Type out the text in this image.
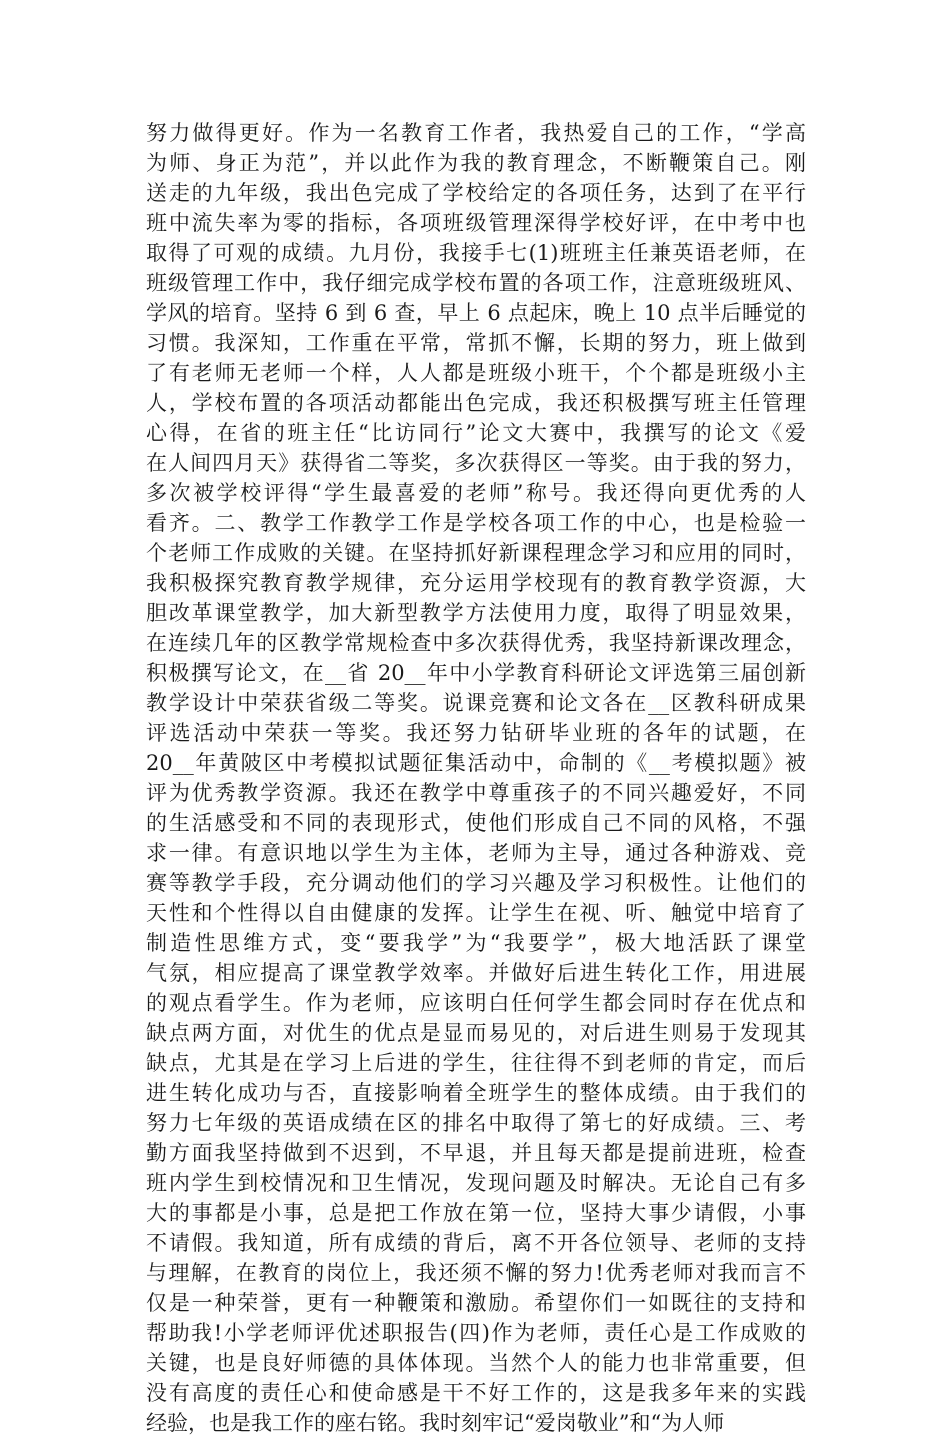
努力做得更好。作为一名教育工作者，我热爱自己的工作，“学高
为师、身正为范”，并以此作为我的教育理念，不断鞭策自己。刚
送走的九年级，我出色完成了学校给定的各项任务，达到了在平行
班中流失率为零的指标，各项班级管理深得学校好评，在中考中也
取得了可观的成绩。九月份，我接手七(1)班班主任兼英语老师，在
班级管理工作中，我仔细完成学校布置的各项工作，注意班级班风、
学风的培育。坚持 6 到 6 查，早上 6 点起床，晚上 10 点半后睡觉的
习惯。我深知，工作重在平常，常抓不懈，长期的努力，班上做到
了有老师无老师一个样，人人都是班级小班干，个个都是班级小主
人，学校布置的各项活动都能出色完成，我还积极撰写班主任管理
心得，在省的班主任“比访同行”论文大赛中，我撰写的论文《爱
在人间四月天》获得省二等奖，多次获得区一等奖。由于我的努力，
多次被学校评得“学生最喜爱的老师”称号。我还得向更优秀的人
看齐。二、教学工作教学工作是学校各项工作的中心，也是检验一
个老师工作成败的关键。在坚持抓好新课程理念学习和应用的同时，
我积极探究教育教学规律，充分运用学校现有的教育教学资源，大
胆改革课堂教学，加大新型教学方法使用力度，取得了明显效果，
在连续几年的区教学常规检查中多次获得优秀，我坚持新课改理念，
积极撰写论文，在__省 20__年中小学教育科研论文评选第三届创新
教学设计中荣获省级二等奖。说课竞赛和论文各在__区教科研成果
评选活动中荣获一等奖。我还努力钻研毕业班的各年的试题，在
20__年黄陂区中考模拟试题征集活动中，命制的《__考模拟题》被
评为优秀教学资源。我还在教学中尊重孩子的不同兴趣爱好，不同
的生活感受和不同的表现形式，使他们形成自己不同的风格，不强
求一律。有意识地以学生为主体，老师为主导，通过各种游戏、竞
赛等教学手段，充分调动他们的学习兴趣及学习积极性。让他们的
天性和个性得以自由健康的发挥。让学生在视、听、触觉中培育了
制造性思维方式，变“要我学”为“我要学”，极大地活跃了课堂
气氛，相应提高了课堂教学效率。并做好后进生转化工作，用进展
的观点看学生。作为老师，应该明白任何学生都会同时存在优点和
缺点两方面，对优生的优点是显而易见的，对后进生则易于发现其
缺点，尤其是在学习上后进的学生，往往得不到老师的肯定，而后
进生转化成功与否，直接影响着全班学生的整体成绩。由于我们的
努力七年级的英语成绩在区的排名中取得了第七的好成绩。三、考
勤方面我坚持做到不迟到，不早退，并且每天都是提前进班，检查
班内学生到校情况和卫生情况，发现问题及时解决。无论自己有多
大的事都是小事，总是把工作放在第一位，坚持大事少请假，小事
不请假。我知道，所有成绩的背后，离不开各位领导、老师的支持
与理解，在教育的岗位上，我还须不懈的努力!优秀老师对我而言不
仅是一种荣誉，更有一种鞭策和激励。希望你们一如既往的支持和
帮助我!小学老师评优述职报告(四)作为老师，责任心是工作成败的
关键，也是良好师德的具体体现。当然个人的能力也非常重要，但
没有高度的责任心和使命感是干不好工作的，这是我多年来的实践
经验，也是我工作的座右铭。我时刻牢记“爱岗敬业”和“为人师
